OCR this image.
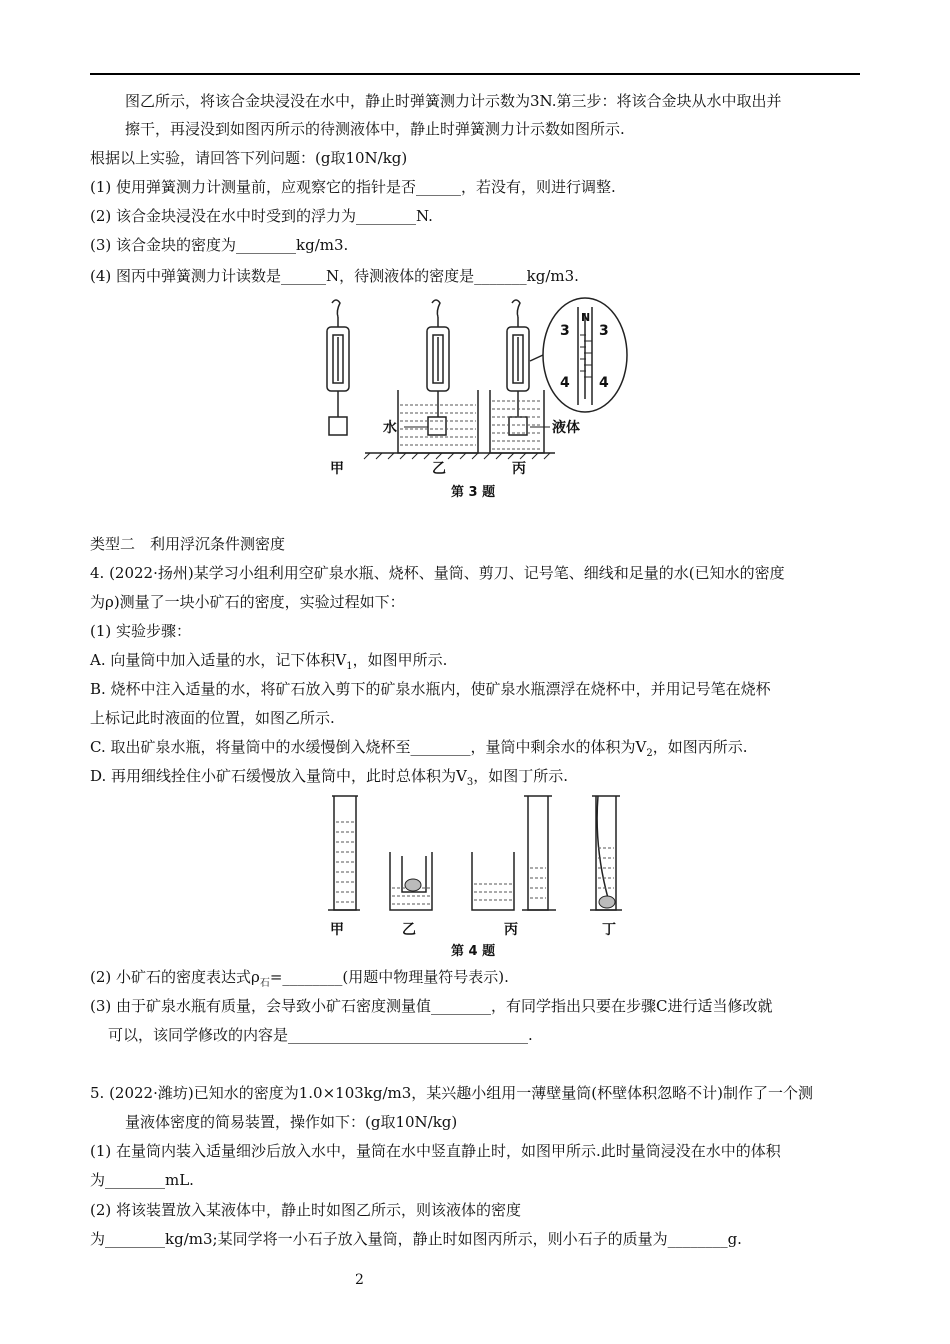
图乙所示，将该合金块浸没在水中，静止时弹簧测力计示数为3N.第三步：将该合金块从水中取出并
擦干，再浸没到如图丙所示的待测液体中，静止时弹簧测力计示数如图所示.
根据以上实验，请回答下列问题：(g取10N/kg)
(1) 使用弹簧测力计测量前，应观察它的指针是否______，若没有，则进行调整.
(2) 该合金块浸没在水中时受到的浮力为________N.
(3) 该合金块的密度为________kg/m3.
(4) 图丙中弹簧测力计读数是______N，待测液体的密度是_______kg/m3.
水	液体
N
3 3
4 4
甲	乙	丙
第 3 题
类型二　利用浮沉条件测密度
4. (2022·扬州)某学习小组利用空矿泉水瓶、烧杯、量筒、剪刀、记号笔、细线和足量的水(已知水的密度
为ρ)测量了一块小矿石的密度，实验过程如下：
(1) 实验步骤：
A. 向量筒中加入适量的水，记下体积$V_1$，如图甲所示.
B. 烧杯中注入适量的水，将矿石放入剪下的矿泉水瓶内，使矿泉水瓶漂浮在烧杯中，并用记号笔在烧杯
上标记此时液面的位置，如图乙所示.
C. 取出矿泉水瓶，将量筒中的水缓慢倒入烧杯至________，量筒中剩余水的体积为$V_2$，如图丙所示.
D. 再用细线拴住小矿石缓慢放入量筒中，此时总体积为$V_3$，如图丁所示.
甲	乙	丙	丁
第 4 题
(2) 小矿石的密度表达式$\rho_石=\_\_\_\_\_\_\_\_$(用题中物理量符号表示).
(3) 由于矿泉水瓶有质量，会导致小矿石密度测量值________，有同学指出只要在步骤C进行适当修改就
可以，该同学修改的内容是________________________________.
5. (2022·潍坊)已知水的密度为1.0×103kg/m3，某兴趣小组用一薄壁量筒(杯壁体积忽略不计)制作了一个测
量液体密度的简易装置，操作如下：(g取10N/kg)
(1) 在量筒内装入适量细沙后放入水中，量筒在水中竖直静止时，如图甲所示.此时量筒浸没在水中的体积
为________mL.
(2) 将该装置放入某液体中，静止时如图乙所示，则该液体的密度
为________kg/m3;某同学将一小石子放入量筒，静止时如图丙所示，则小石子的质量为________g.
2
